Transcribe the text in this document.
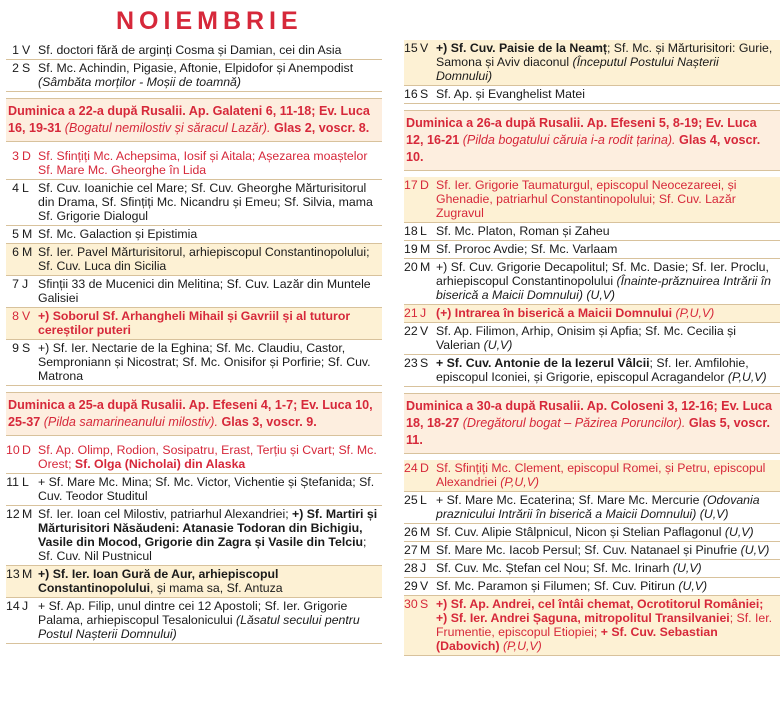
NOIEMBRIE
1 V Sf. doctori fără de arginți Cosma și Damian, cei din Asia
2 S Sf. Mc. Achindin, Pigasie, Aftonie, Elpidofor și Anempodist (Sâmbăta morților - Moșii de toamnă)
Duminica a 22-a după Rusalii. Ap. Galateni 6, 11-18; Ev. Luca 16, 19-31 (Bogatul nemilostiv și săracul Lazăr). Glas 2, voscr. 8.
3 D Sf. Sfințiți Mc. Achepsima, Iosif și Aitala; Așezarea moaștelor Sf. Mare Mc. Gheorghe în Lida
4 L Sf. Cuv. Ioanichie cel Mare; Sf. Cuv. Gheorghe Mărturisitorul din Drama, Sf. Sfințiți Mc. Nicandru și Emeu; Sf. Silvia, mama Sf. Grigorie Dialogul
5 M Sf. Mc. Galaction și Epistimia
6 M Sf. Ier. Pavel Mărturisitorul, arhiepiscopul Constantinopolului; Sf. Cuv. Luca din Sicilia
7 J Sfinții 33 de Mucenici din Melitina; Sf. Cuv. Lazăr din Muntele Galisiei
8 V +) Soborul Sf. Arhangheli Mihail și Gavriil și al tuturor cereștilor puteri
9 S +) Sf. Ier. Nectarie de la Eghina; Sf. Mc. Claudiu, Castor, Semproniann și Nicostrat; Sf. Mc. Onisifor și Porfirie; Sf. Cuv. Matrona
Duminica a 25-a după Rusalii. Ap. Efeseni 4, 1-7; Ev. Luca 10, 25-37 (Pilda samarineanului milostiv). Glas 3, voscr. 9.
10 D Sf. Ap. Olimp, Rodion, Sosipatru, Erast, Terțiu și Cvart; Sf. Mc. Orest; Sf. Olga (Nicholai) din Alaska
11 L + Sf. Mare Mc. Mina; Sf. Mc. Victor, Vichentie și Ștefanida; Sf. Cuv. Teodor Studitul
12 M Sf. Ier. Ioan cel Milostiv, patriarhul Alexandriei; +) Sf. Martiri și Mărturisitori Năsăudeni: Atanasie Todoran din Bichigiu, Vasile din Mocod, Grigorie din Zagra și Vasile din Telciu; Sf. Cuv. Nil Pustnicul
13 M +) Sf. Ier. Ioan Gură de Aur, arhiepiscopul Constantinopolului, și mama sa, Sf. Antuza
14 J + Sf. Ap. Filip, unul dintre cei 12 Apostoli; Sf. Ier. Grigorie Palama, arhiepiscopul Tesalonicului (Lăsatul secului pentru Postul Nașterii Domnului)
15 V +) Sf. Cuv. Paisie de la Neamț; Sf. Mc. și Mărturisitori: Gurie, Samona și Aviv diaconul (Începutul Postului Nașterii Domnului)
16 S Sf. Ap. și Evanghelist Matei
Duminica a 26-a după Rusalii. Ap. Efeseni 5, 8-19; Ev. Luca 12, 16-21 (Pilda bogatului căruia i-a rodit țarina). Glas 4, voscr. 10.
17 D Sf. Ier. Grigorie Taumaturgul, episcopul Neocezareei, și Ghenadie, patriarhul Constantinopolului; Sf. Cuv. Lazăr Zugravul
18 L Sf. Mc. Platon, Roman și Zaheu
19 M Sf. Proroc Avdie; Sf. Mc. Varlaam
20 M +) Sf. Cuv. Grigorie Decapolitul; Sf. Mc. Dasie; Sf. Ier. Proclu, arhiepiscopul Constantinopolului (Înainte-prăznuirea Intrării în biserică a Maicii Domnului) (U,V)
21 J (+) Intrarea în biserică a Maicii Domnului (P,U,V)
22 V Sf. Ap. Filimon, Arhip, Onisim și Apfia; Sf. Mc. Cecilia și Valerian (U,V)
23 S + Sf. Cuv. Antonie de la Iezerul Vâlcii; Sf. Ier. Amfilohie, episcopul Iconiei, și Grigorie, episcopul Acragandelor (P,U,V)
Duminica a 30-a după Rusalii. Ap. Coloseni 3, 12-16; Ev. Luca 18, 18-27 (Dregătorul bogat – Păzirea Poruncilor). Glas 5, voscr. 11.
24 D Sf. Sfințiți Mc. Clement, episcopul Romei, și Petru, episcopul Alexandriei (P,U,V)
25 L + Sf. Mare Mc. Ecaterina; Sf. Mare Mc. Mercurie (Odovania praznicului Intrării în biserică a Maicii Domnului) (U,V)
26 M Sf. Cuv. Alipie Stâlpnicul, Nicon și Stelian Paflagonul (U,V)
27 M Sf. Mare Mc. Iacob Persul; Sf. Cuv. Natanael și Pinufrie (U,V)
28 J Sf. Cuv. Mc. Ștefan cel Nou; Sf. Mc. Irinarh (U,V)
29 V Sf. Mc. Paramon și Filumen; Sf. Cuv. Pitirun (U,V)
30 S +) Sf. Ap. Andrei, cel întâi chemat, Ocrotitorul României; +) Sf. Ier. Andrei Șaguna, mitropolitul Transilvaniei; Sf. Ier. Frumentie, episcopul Etiopiei; + Sf. Cuv. Sebastian (Dabovich) (P,U,V)
